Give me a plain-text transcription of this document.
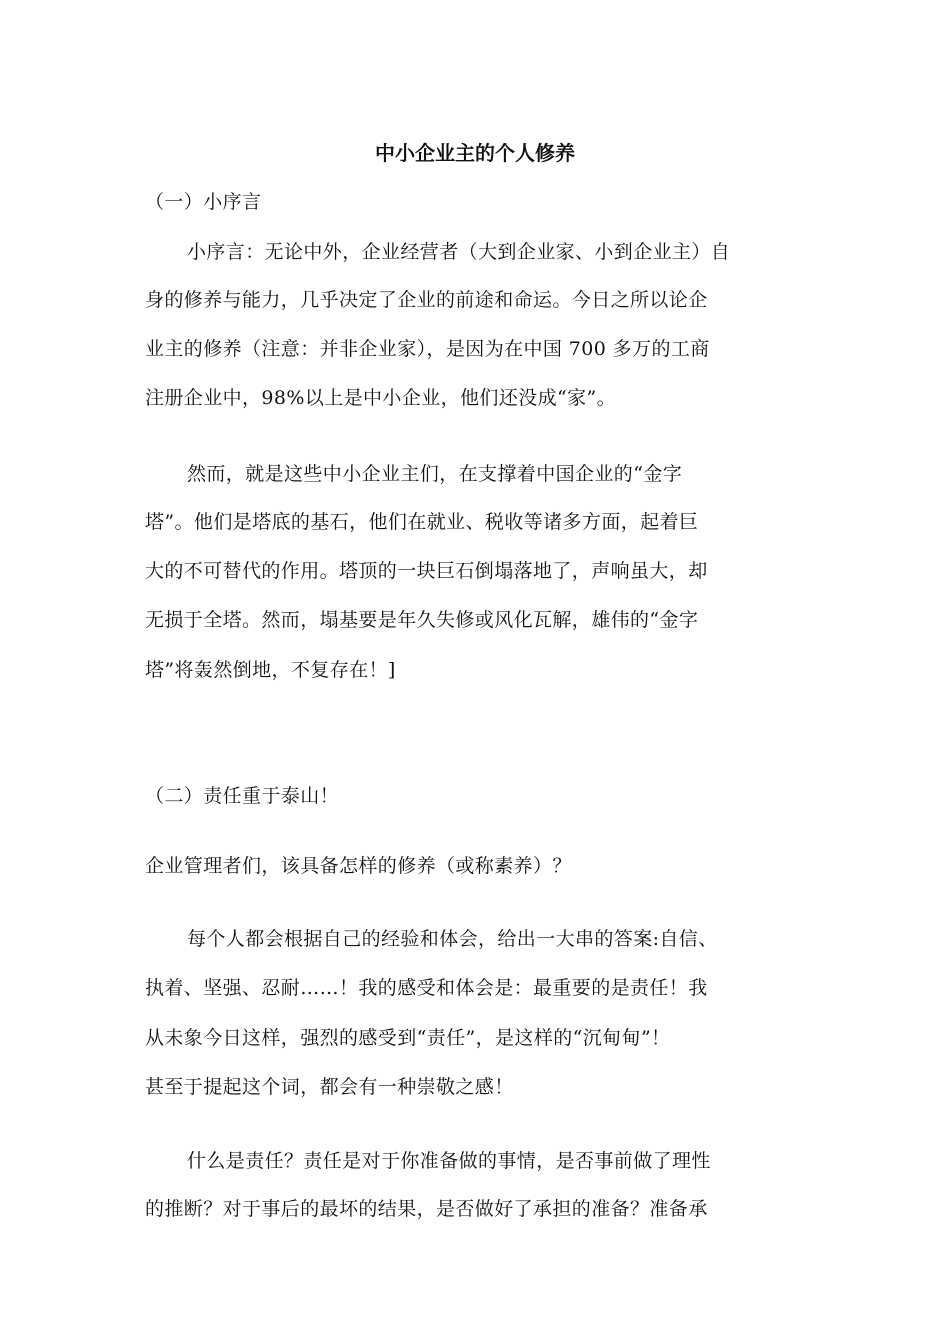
中小企业主的个人修养
（一）小序言
小序言：无论中外，企业经营者（大到企业家、小到企业主）自
身的修养与能力，几乎决定了企业的前途和命运。今日之所以论企
业主的修养（注意：并非企业家），是因为在中国 700 多万的工商
注册企业中，98%以上是中小企业，他们还没成“家”。
然而，就是这些中小企业主们，在支撑着中国企业的“金字
塔”。他们是塔底的基石，他们在就业、税收等诸多方面，起着巨
大的不可替代的作用。塔顶的一块巨石倒塌落地了，声响虽大，却
无损于全塔。然而，塌基要是年久失修或风化瓦解，雄伟的“金字
塔”将轰然倒地，不复存在！]
（二）责任重于泰山！
企业管理者们，该具备怎样的修养（或称素养）？
每个人都会根据自己的经验和体会，给出一大串的答案:自信、
执着、坚强、忍耐……！我的感受和体会是：最重要的是责任！我
从未象今日这样，强烈的感受到“责任”，是这样的“沉甸甸”！
甚至于提起这个词，都会有一种崇敬之感！
什么是责任？责任是对于你准备做的事情，是否事前做了理性
的推断？对于事后的最坏的结果，是否做好了承担的准备？准备承
